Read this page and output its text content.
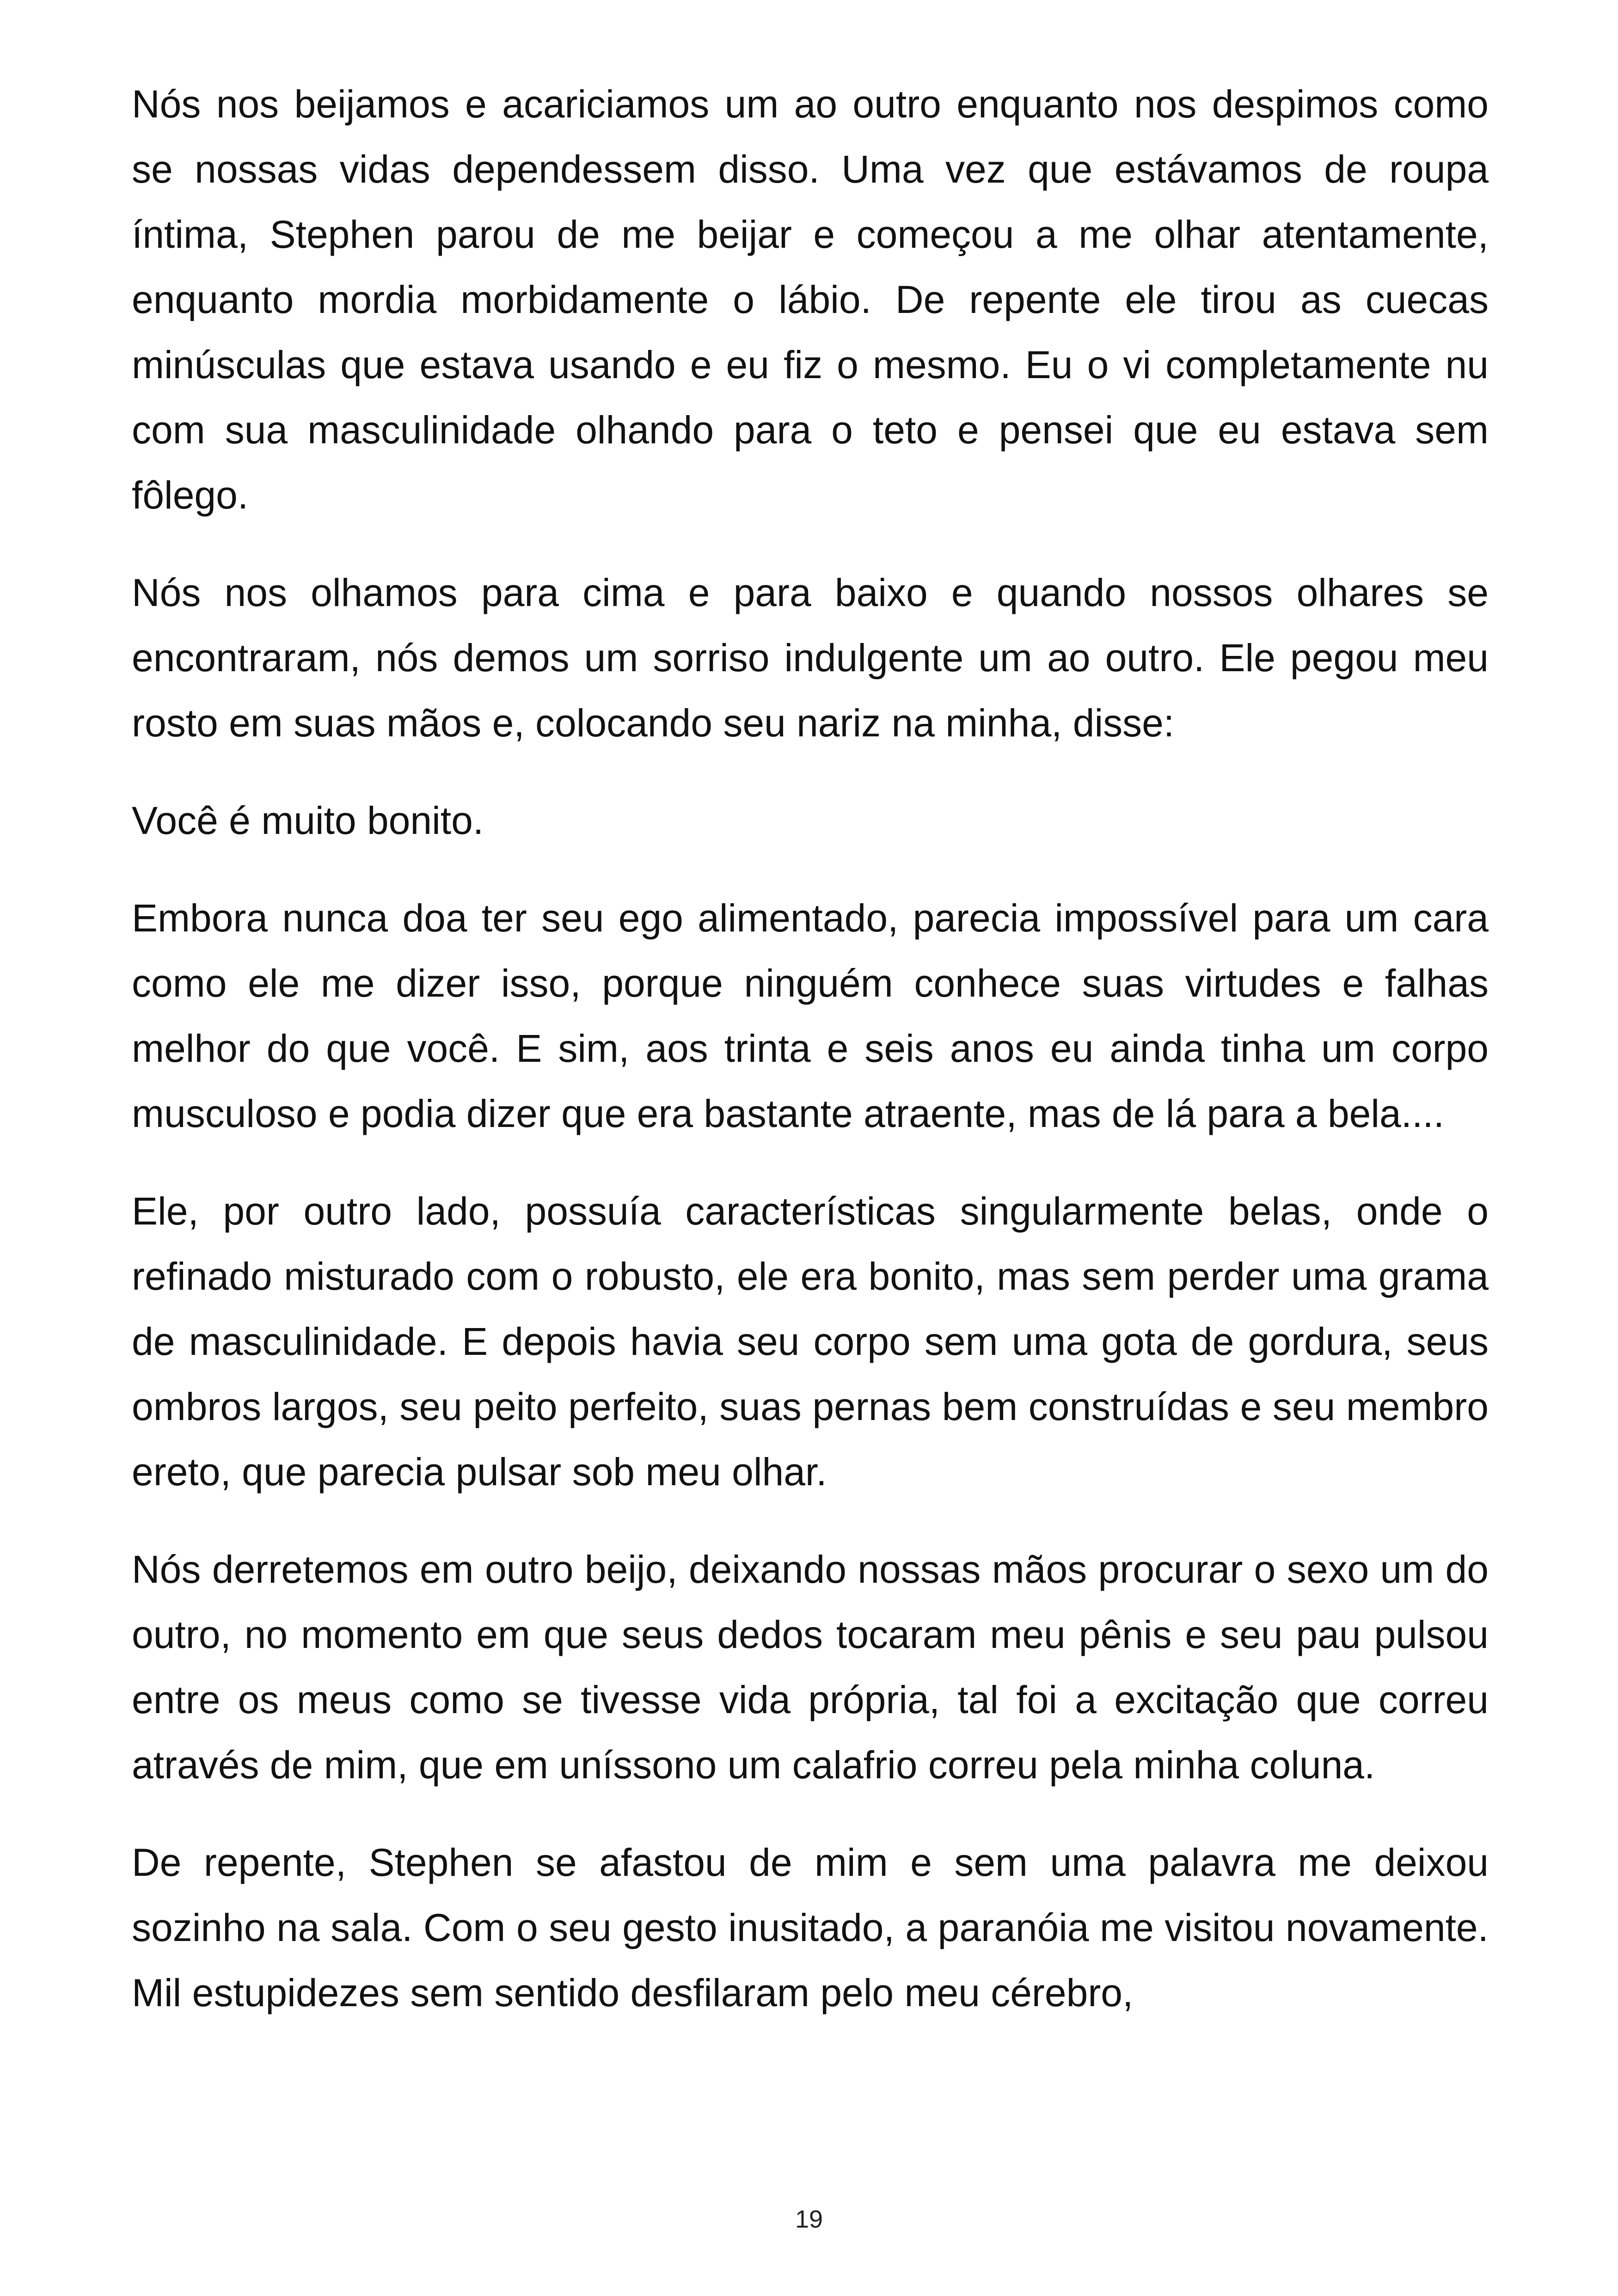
Nós nos beijamos e acariciamos um ao outro enquanto nos despimos como se nossas vidas dependessem disso. Uma vez que estávamos de roupa íntima, Stephen parou de me beijar e começou a me olhar atentamente, enquanto mordia morbidamente o lábio. De repente ele tirou as cuecas minúsculas que estava usando e eu fiz o mesmo. Eu o vi completamente nu com sua masculinidade olhando para o teto e pensei que eu estava sem fôlego.

Nós nos olhamos para cima e para baixo e quando nossos olhares se encontraram, nós demos um sorriso indulgente um ao outro. Ele pegou meu rosto em suas mãos e, colocando seu nariz na minha, disse:

Você é muito bonito.

Embora nunca doa ter seu ego alimentado, parecia impossível para um cara como ele me dizer isso, porque ninguém conhece suas virtudes e falhas melhor do que você. E sim, aos trinta e seis anos eu ainda tinha um corpo musculoso e podia dizer que era bastante atraente, mas de lá para a bela....

Ele, por outro lado, possuía características singularmente belas, onde o refinado misturado com o robusto, ele era bonito, mas sem perder uma grama de masculinidade. E depois havia seu corpo sem uma gota de gordura, seus ombros largos, seu peito perfeito, suas pernas bem construídas e seu membro ereto, que parecia pulsar sob meu olhar.

Nós derretemos em outro beijo, deixando nossas mãos procurar o sexo um do outro, no momento em que seus dedos tocaram meu pênis e seu pau pulsou entre os meus como se tivesse vida própria, tal foi a excitação que correu através de mim, que em uníssono um calafrio correu pela minha coluna.

De repente, Stephen se afastou de mim e sem uma palavra me deixou sozinho na sala. Com o seu gesto inusitado, a paranóia me visitou novamente. Mil estupidezes sem sentido desfilaram pelo meu cérebro,

19
